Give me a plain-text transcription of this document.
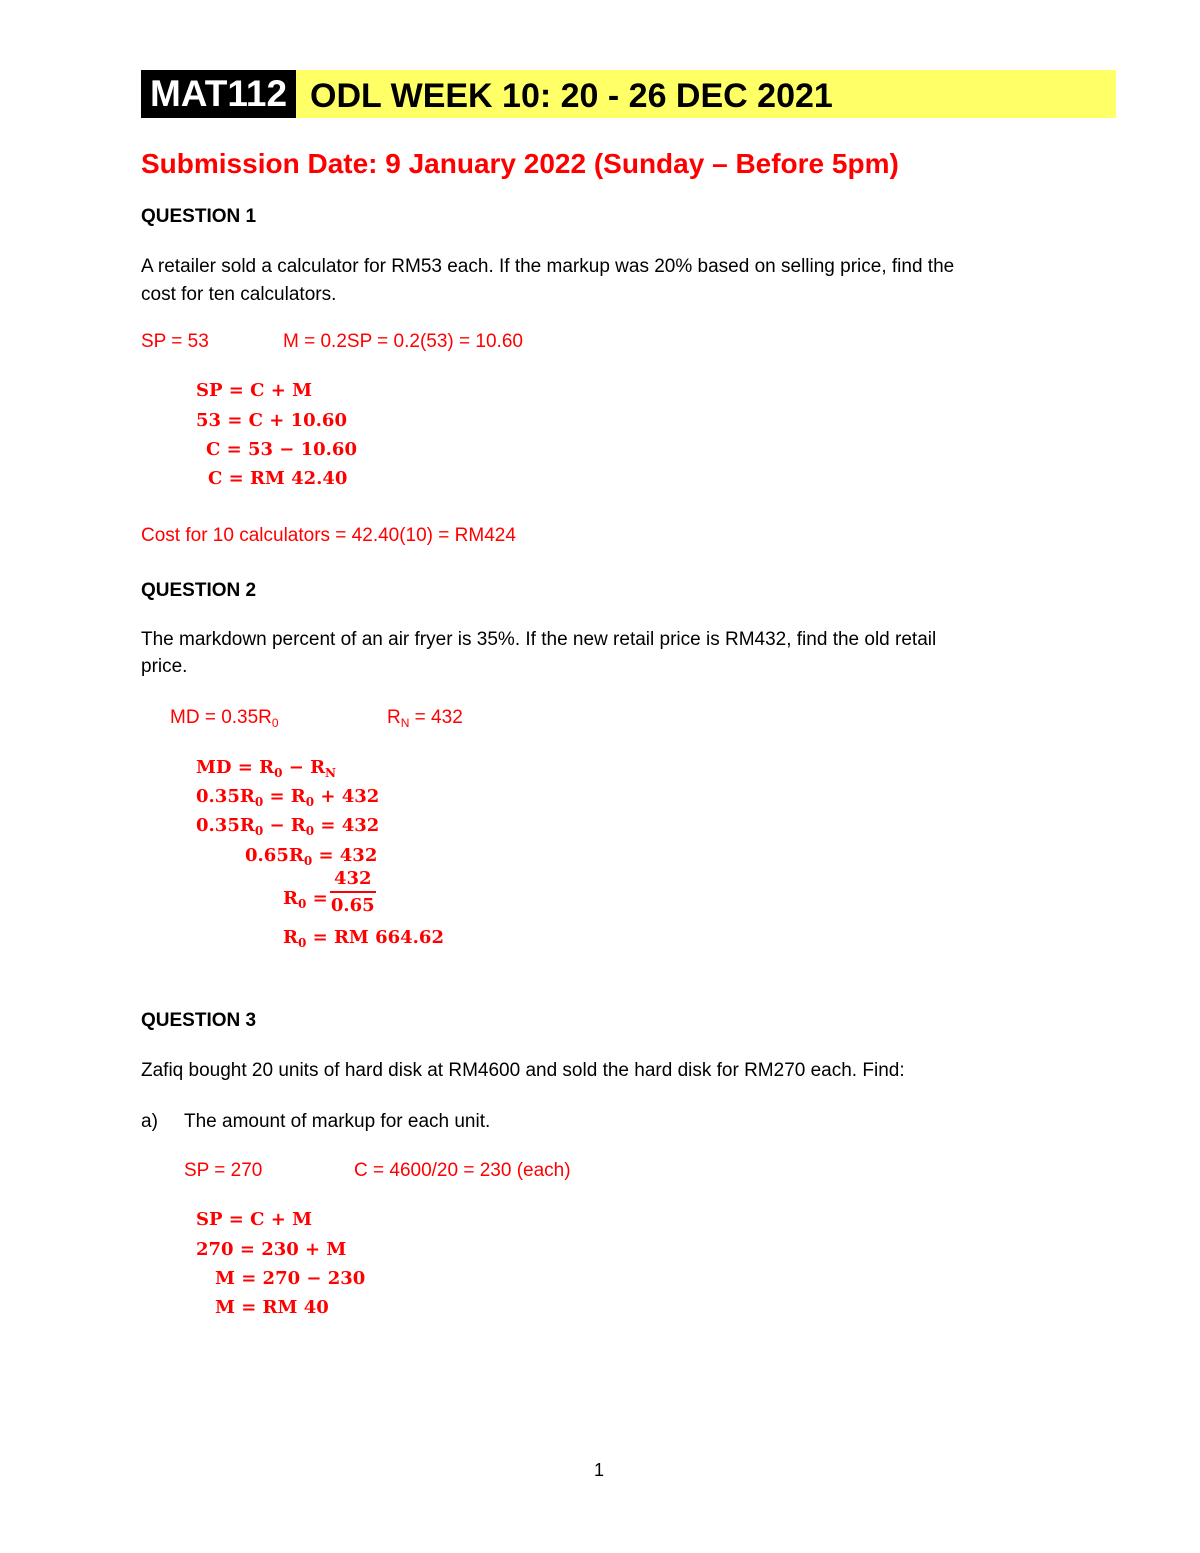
MAT112 ODL WEEK 10: 20 - 26 DEC 2021
Submission Date: 9 January 2022 (Sunday – Before 5pm)
QUESTION 1
A retailer sold a calculator for RM53 each. If the markup was 20% based on selling price, find the
cost for ten calculators.
SP = 53	M = 0.2SP = 0.2(53) = 10.60
SP = C + M
53 = C + 10.60
C = 53 − 10.60
C = RM 42.40
Cost for 10 calculators = 42.40(10) = RM424
QUESTION 2
The markdown percent of an air fryer is 35%. If the new retail price is RM432, find the old retail
price.
MD = $0.35R_0$	$R_N = 432$
MD = $R_0 - R_N$
$0.35R_0 = R_0 + 432$
$0.35R_0 - R_0 = 432$
$0.65R_0 = 432$
$R_0$ =
432
0.65
$R_0$ = RM 664.62
QUESTION 3
Zafiq bought 20 units of hard disk at RM4600 and sold the hard disk for RM270 each. Find:
a) The amount of markup for each unit.
SP = 270	C = 4600/20 = 230 (each)
SP = C + M
270 = 230 + M
M = 270 − 230
M = RM 40
1
